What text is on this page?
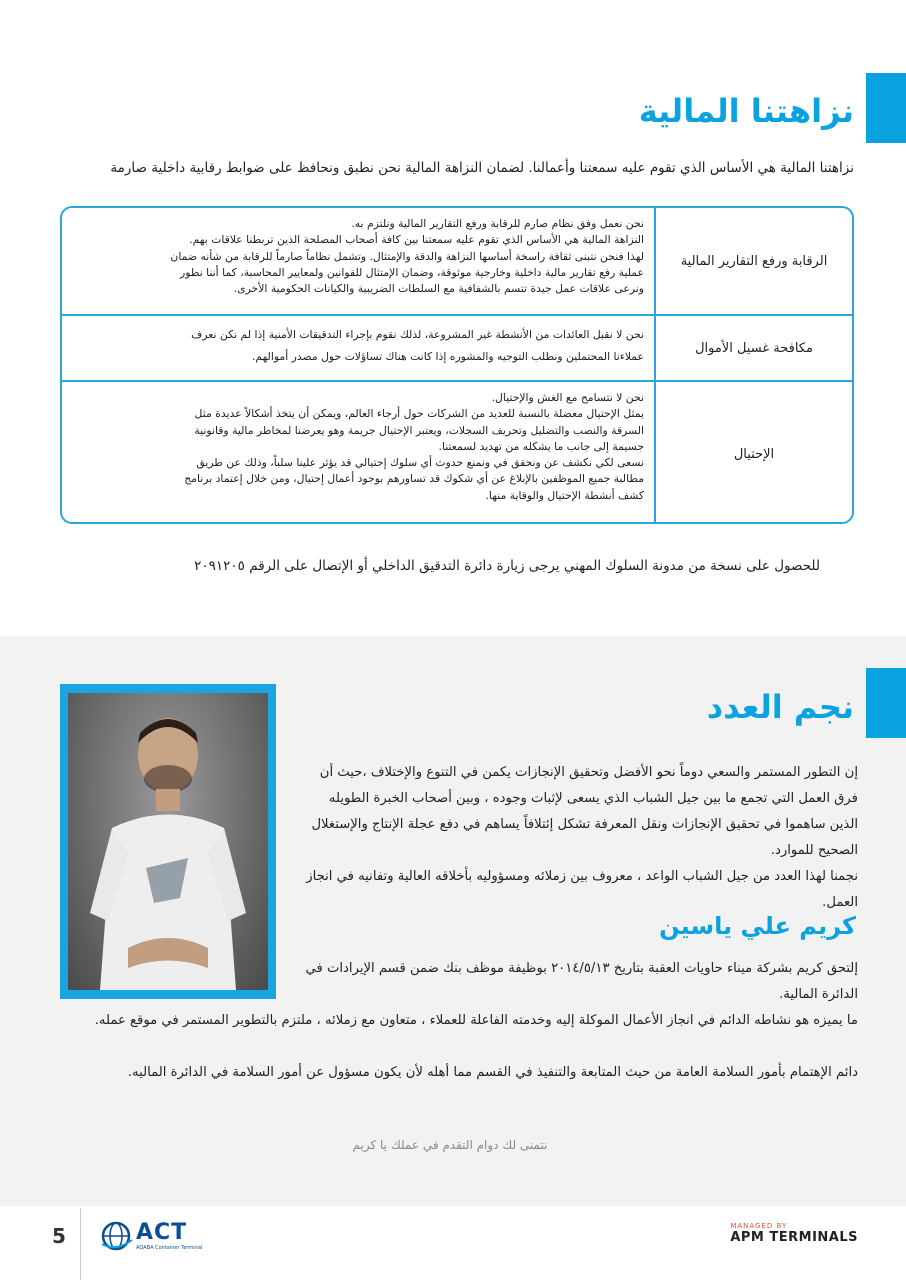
نزاهتنا المالية
نزاهتنا المالية هي الأساس الذي تقوم عليه سمعتنا وأعمالنا. لضمان النزاهة المالية نحن نطبق ونحافظ على ضوابط رقابية داخلية صارمة
الرقابة ورفع التقارير المالية

نحن نعمل وفق نظام صارم للرقابة ورفع التقارير المالية ونلتزم به.

النزاهة المالية هي الأساس الذي تقوم عليه سمعتنا بين كافة أصحاب المصلحة الذين تربطنا علاقات بهم.

لهذا فنحن نتبنى ثقافة راسخة أساسها النزاهة والدقة والإمتثال. وتشمل نظاماً صارماً للرقابة من شأنه ضمان

عملية رفع تقارير مالية داخلية وخارجية موثوقة، وضمان الإمتثال للقوانين ولمعايير المحاسبة، كما أننا نطور

ونرعى علاقات عمل جيدة تتسم بالشفافية مع السلطات الضريبية والكيانات الحكومية الأخرى.

مكافحة غسيل الأموال

نحن لا نقبل العائدات من الأنشطة غير المشروعة، لذلك نقوم بإجراء التدقيقات الأمنية إذا لم نكن نعرف

عملاءنا المحتملين ونطلب التوجيه والمشوره إذا كانت هناك تساؤلات حول مصدر أموالهم.

الإحتيال

نحن لا نتسامح مع الغش والإحتيال.

يمثل الإحتيال معضلة بالنسبة للعديد من الشركات حول أرجاء العالم، ويمكن أن يتخذ أشكالاً عديدة مثل

السرقة والنصب والتضليل وتحريف السجلات، ويعتبر الإحتيال جريمة وهو يعرضنا لمخاطر مالية وقانونية

جسيمة إلى جانب ما يشكله من تهديد لسمعتنا.

نسعى لكي نكشف عن ونحقق في ونمنع حدوث أي سلوك إحتيالي قد يؤثر علينا سلباً، وذلك عن طريق

مطالبة جميع الموظفين بالإبلاغ عن أي شكوك قد تساورهم بوجود أعمال إحتيال، ومن خلال إعتماد برنامج

كشف أنشطة الإحتيال والوقاية منها.

للحصول على نسخة من مدونة السلوك المهني يرجى زيارة دائرة التدقيق الداخلي أو الإتصال على الرقم ٢٠٩١٢٠٥
نجم العدد
إن التطور المستمر والسعي دوماً نحو الأفضل وتحقيق الإنجازات يكمن في التنوع والإختلاف ،حيث أن فرق العمل التي تجمع ما بين جيل الشباب الذي يسعى لإثبات وجوده ، وبين أصحاب الخبرة الطويله الذين ساهموا في تحقيق الإنجازات ونقل المعرفة تشكل إئتلافاً يساهم في دفع عجلة الإنتاج والإستغلال الصحيح للموارد.
نجمنا لهذا العدد من جيل الشباب الواعد ، معروف بين زملائه ومسؤوليه بأخلاقه العالية وتفانيه في انجاز العمل.
كريم علي ياسين
إلتحق كريم بشركة ميناء حاويات العقبة بتاريخ ٢٠١٤/٥/١٣ بوظيفة موظف بنك ضمن قسم الإيرادات في الدائرة المالية.
ما يميزه هو نشاطه الدائم في انجاز الأعمال الموكلة إليه وخدمته الفاعلة للعملاء ، متعاون مع زملائه ، ملتزم بالتطوير المستمر في موقع عمله.
دائم الإهتمام بأمور السلامة العامة من حيث المتابعة والتنفيذ في القسم مما أهله لأن يكون مسؤول عن أمور السلامة في الدائرة الماليه.
نتمنى لك دوام التقدم في عملك يا كريم
5	ACT
AQABA Container Terminal
MANAGED BY
APM TERMINALS
